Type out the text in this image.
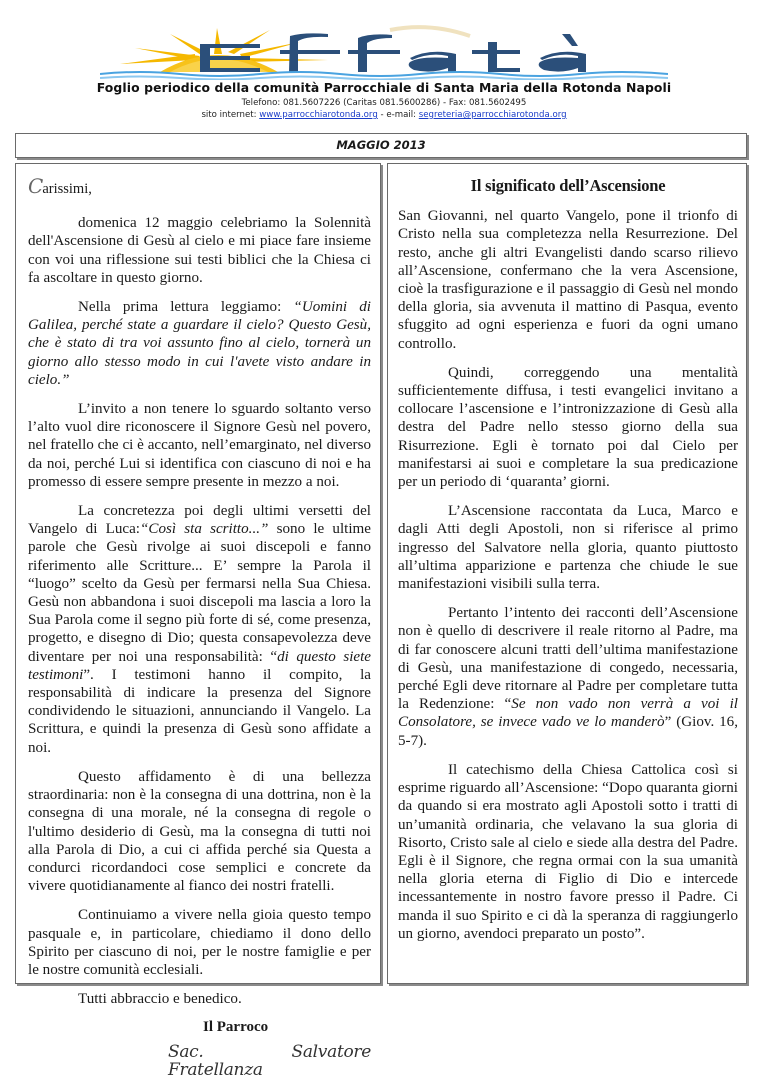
Foglio periodico della comunità Parrocchiale di Santa Maria della Rotonda Napoli
Telefono: 081.5607226 (Caritas 081.5600286) - Fax: 081.5602495
sito internet: www.parrocchiarotonda.org - e-mail: segreteria@parrocchiarotonda.org
MAGGIO 2013

Carissimi,

domenica 12 maggio celebriamo la Solennità dell'Ascensione di Gesù al cielo e mi piace fare insieme con voi una riflessione sui testi biblici che la Chiesa ci fa ascoltare in questo giorno.

Nella prima lettura leggiamo: “Uomini di Galilea, perché state a guardare il cielo? Questo Gesù, che è stato di tra voi assunto fino al cielo, tornerà un giorno allo stesso modo in cui l'avete visto andare in cielo.”

L’invito a non tenere lo sguardo soltanto verso l’alto vuol dire riconoscere il Signore Gesù nel povero, nel fratello che ci è accanto, nell’emarginato, nel diverso da noi, perché Lui si identifica con ciascuno di noi e ha promesso di essere sempre presente in mezzo a noi.

La concretezza poi degli ultimi versetti del Vangelo di Luca:“Così sta scritto...” sono le ultime parole che Gesù rivolge ai suoi discepoli e fanno riferimento alle Scritture... E’ sempre la Parola il “luogo” scelto da Gesù per fermarsi nella Sua Chiesa. Gesù non abbandona i suoi discepoli ma lascia a loro la Sua Parola come il segno più forte di sé, come presenza, progetto, e disegno di Dio; questa consapevolezza deve diventare per noi una responsabilità: “di questo siete testimoni”. I testimoni hanno il compito, la responsabilità di indicare la presenza del Signore condividendo le situazioni, annunciando il Vangelo. La Scrittura, e quindi la presenza di Gesù sono affidate a noi.

Questo affidamento è di una bellezza straordinaria: non è la consegna di una dottrina, non è la consegna di una morale, né la consegna di regole o l'ultimo desiderio di Gesù, ma la consegna di tutti noi alla Parola di Dio, a cui ci affida perché sia Questa a condurci ricordandoci cose semplici e concrete da vivere quotidianamente al fianco dei nostri fratelli.

Continuiamo a vivere nella gioia questo tempo pasquale e, in particolare, chiediamo il dono dello Spirito per ciascuno di noi, per le nostre famiglie e per le nostre comunità ecclesiali.

Tutti abbraccio e benedico.

Il Parroco

Sac. Salvatore Fratellanza

Il significato dell’Ascensione

San Giovanni, nel quarto Vangelo, pone il trionfo di Cristo nella sua completezza nella Resurrezione. Del resto, anche gli altri Evangelisti dando scarso rilievo all’Ascensione, confermano che la vera Ascensione, cioè la trasfigurazione e il passaggio di Gesù nel mondo della gloria, sia avvenuta il mattino di Pasqua, evento sfuggito ad ogni esperienza e fuori da ogni umano controllo.

Quindi, correggendo una mentalità sufficientemente diffusa, i testi evangelici invitano a collocare l’ascensione e l’intronizzazione di Gesù alla destra del Padre nello stesso giorno della sua Risurrezione. Egli è tornato poi dal Cielo per manifestarsi ai suoi e completare la sua predicazione per un periodo di ‘quaranta’ giorni.

L’Ascensione raccontata da Luca, Marco e dagli Atti degli Apostoli, non si riferisce al primo ingresso del Salvatore nella gloria, quanto piuttosto all’ultima apparizione e partenza che chiude le sue manifestazioni visibili sulla terra.

Pertanto l’intento dei racconti dell’Ascensione non è quello di descrivere il reale ritorno al Padre, ma di far conoscere alcuni tratti dell’ultima manifestazione di Gesù, una manifestazione di congedo, necessaria, perché Egli deve ritornare al Padre per completare tutta la Redenzione: “Se non vado non verrà a voi il Consolatore, se invece vado ve lo manderò” (Giov. 16, 5-7).

Il catechismo della Chiesa Cattolica così si esprime riguardo all’Ascensione: “Dopo quaranta giorni da quando si era mostrato agli Apostoli sotto i tratti di un’umanità ordinaria, che velavano la sua gloria di Risorto, Cristo sale al cielo e siede alla destra del Padre. Egli è il Signore, che regna ormai con la sua umanità nella gloria eterna di Figlio di Dio e intercede incessantemente in nostro favore presso il Padre. Ci manda il suo Spirito e ci dà la speranza di raggiungerlo un giorno, avendoci preparato un posto”.
